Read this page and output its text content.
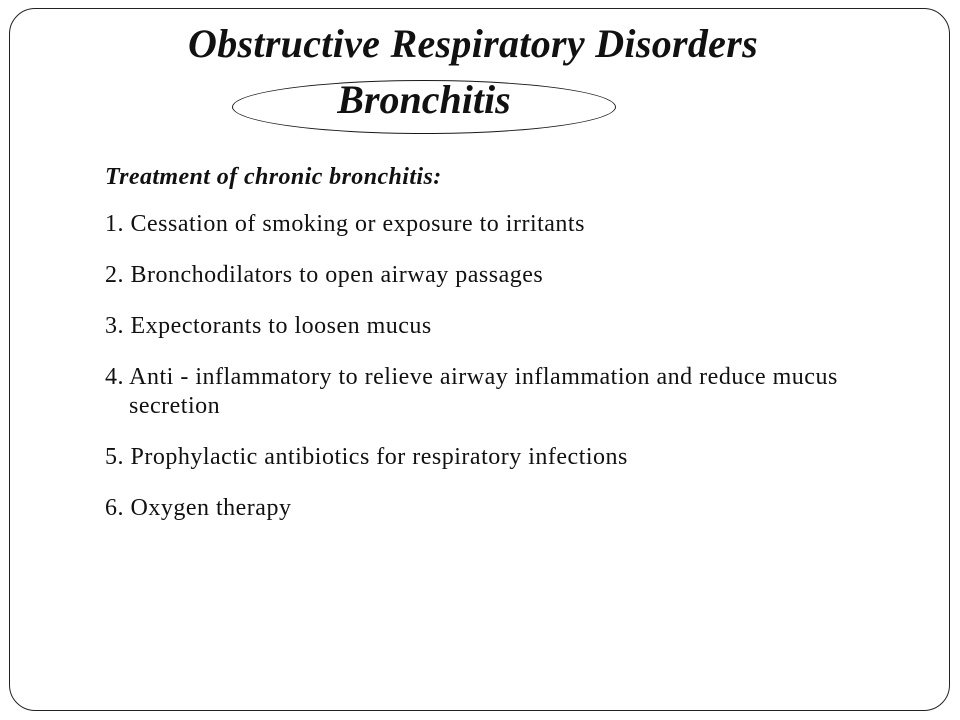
Obstructive Respiratory Disorders
Bronchitis

Treatment of chronic bronchitis:

1. Cessation of smoking or exposure to irritants

2. Bronchodilators to open airway passages

3. Expectorants to loosen mucus

4. Anti - inflammatory to relieve airway inflammation and reduce mucus secretion

5. Prophylactic antibiotics for respiratory infections

6. Oxygen therapy
